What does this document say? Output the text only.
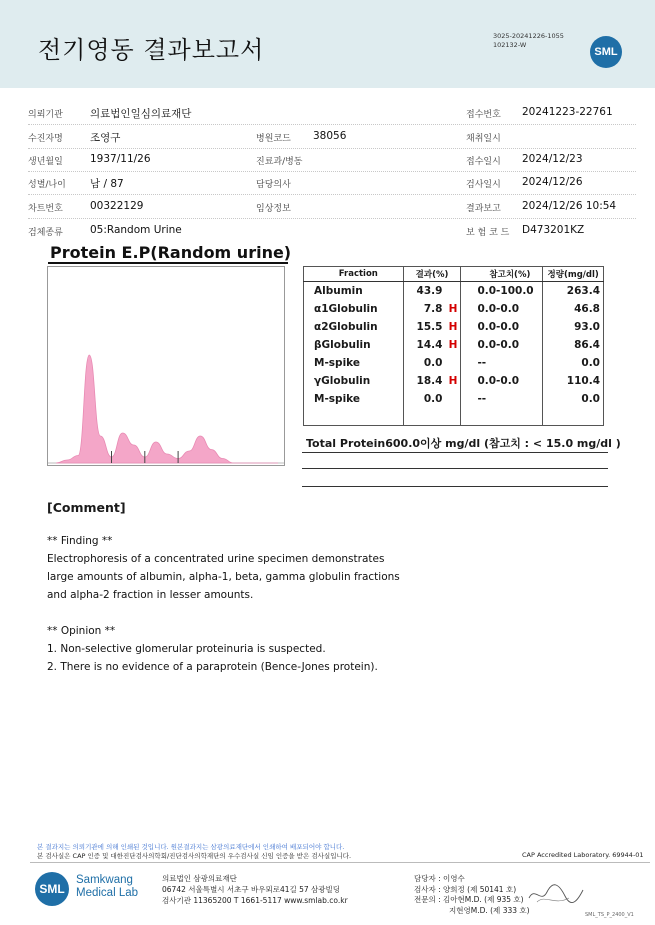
전기영동 결과보고서	3025-20241226-1055
102132-W
SML
의뢰기관	의료법인일심의료재단	접수번호 20241223-22761
수진자명	조영구	병원코드 38056	채취일시
생년월일	1937/11/26	진료과/병동	접수일시 2024/12/23
성별/나이 남 / 87	담당의사	검사일시 2024/12/26
차트번호	00322129	임상정보	결과보고 2024/12/26 10:54
검체종류	05:Random Urine	보 험 코 드 D473201KZ
Protein E.P(Random urine)
Fraction	결과(%)	참고치(%)	정량(mg/dl)
Albumin	43.9	0.0-100.0	263.4
α1Globulin	7.8 H	0.0-0.0	46.8
α2Globulin	15.5 H	0.0-0.0	93.0
βGlobulin	14.4 H	0.0-0.0	86.4
M-spike	0.0	--	0.0
γGlobulin	18.4 H	0.0-0.0	110.4
M-spike	0.0	--	0.0

Total Protein600.0이상 mg/dl (참고치 : < 15.0 mg/dl )
[Comment]
** Finding **
Electrophoresis of a concentrated urine specimen demonstrates
large amounts of albumin, alpha-1, beta, gamma globulin fractions
and alpha-2 fraction in lesser amounts.
** Opinion **
1. Non-selective glomerular proteinuria is suspected.
2. There is no evidence of a paraprotein (Bence-Jones protein).
본 결과지는 의뢰기관에 의해 인쇄된 것입니다. 원본결과지는 삼광의료재단에서 인쇄하여 배포되어야 합니다.
본 검사실은 CAP 인증 및 대한진단검사의학회/진단검사의학재단의 우수검사실 신임 인증을 받은 검사실입니다.	CAP Accredited Laboratory. 69944-01
SML
Samkwang
Medical Lab
의료법인 삼광의료재단
06742 서울특별시 서초구 바우뫼로41길 57 삼광빌딩
검사기관 11365200 T 1661-5117 www.smlab.co.kr
담당자 : 이영수
검사자 : 양희정 (제 50141 호)
전문의 : 김아현M.D. (제 935 호)
지현영M.D. (제 333 호)	SML_TS_P_2400_V1
